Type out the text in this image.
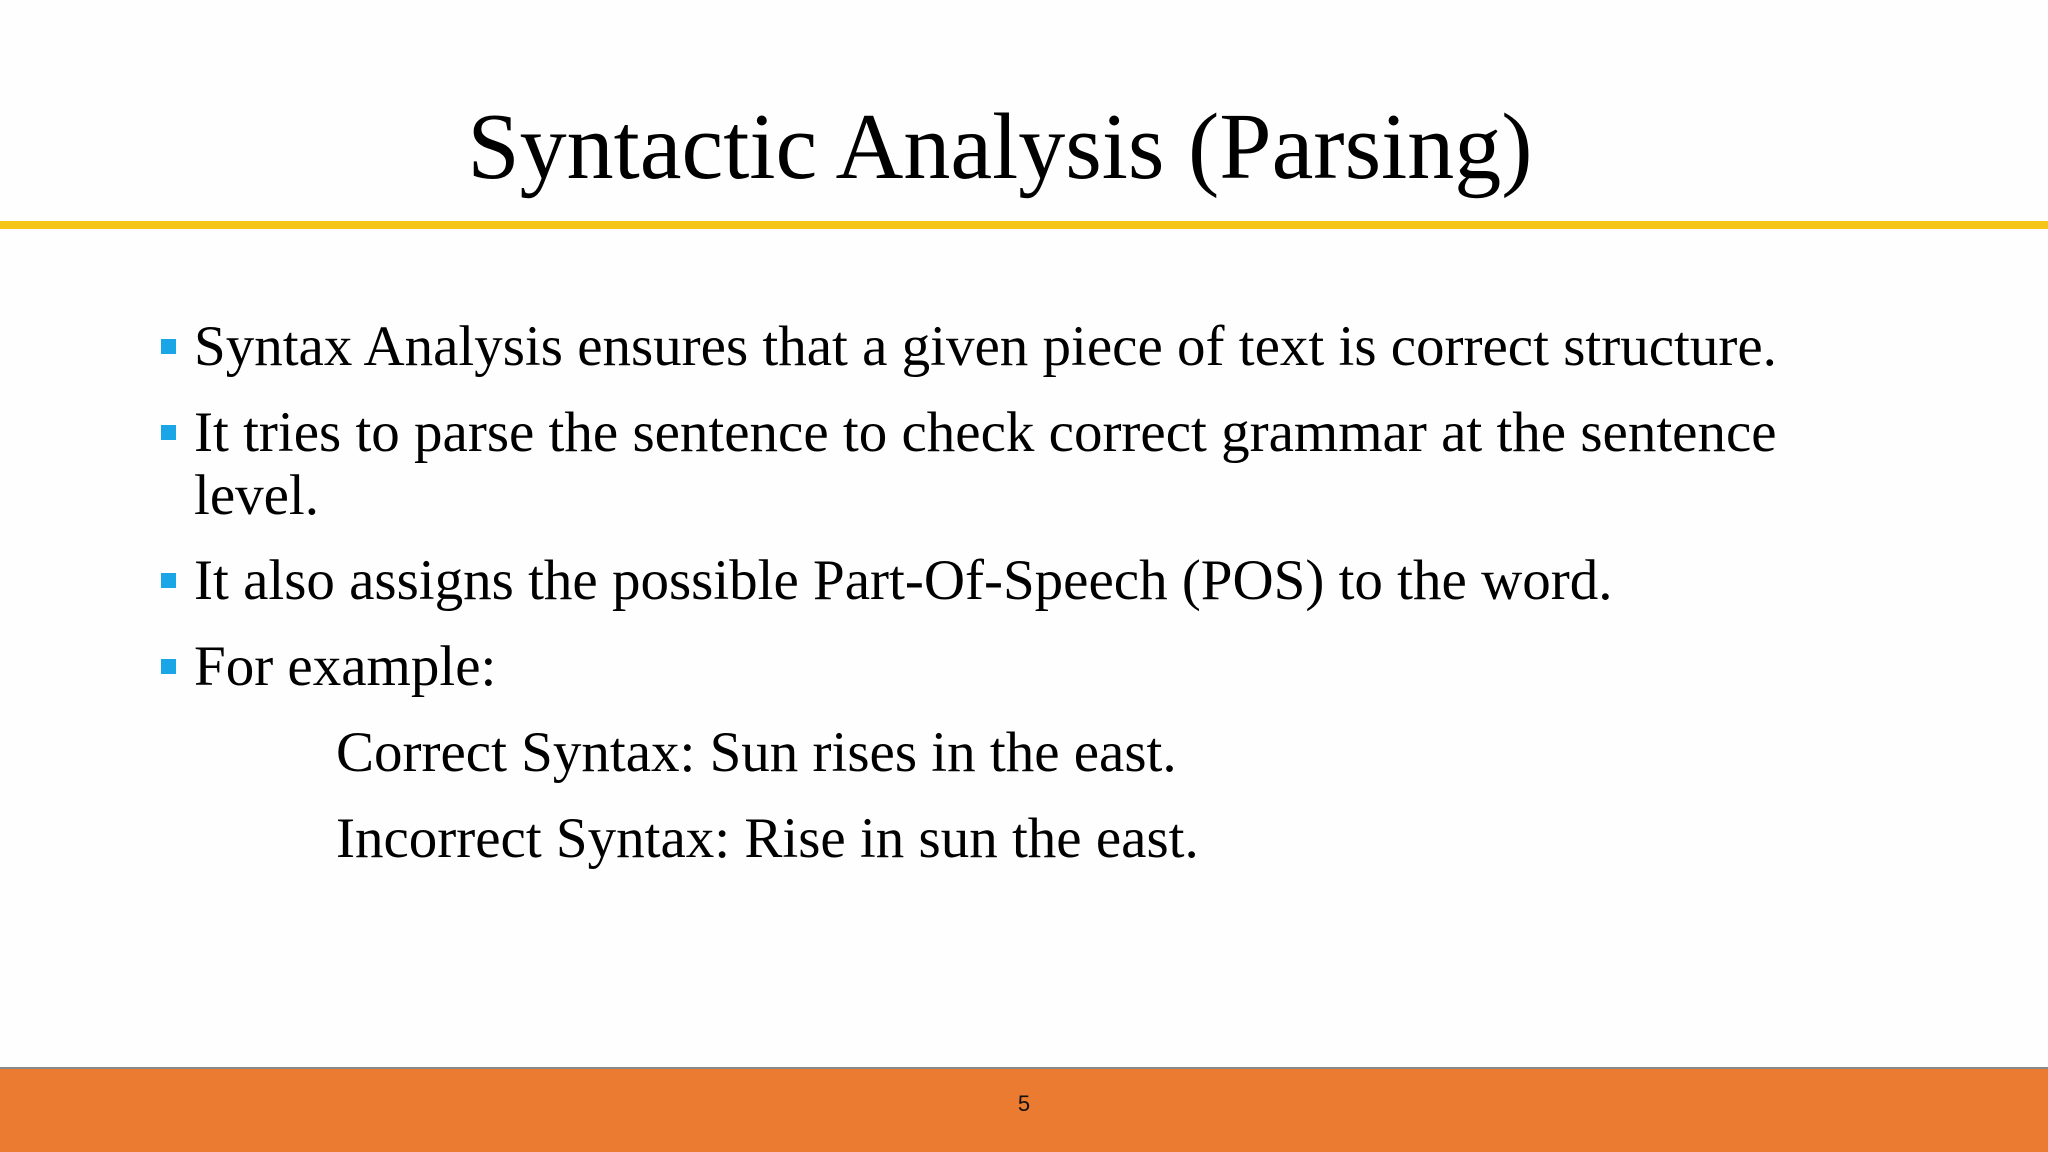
Syntactic Analysis (Parsing)
Syntax Analysis ensures that a given piece of text is correct structure.
It tries to parse the sentence to check correct grammar at the sentence level.
It also assigns the possible Part-Of-Speech (POS) to the word.
For example:
Correct Syntax: Sun rises in the east.
Incorrect Syntax: Rise in sun the east.
5
